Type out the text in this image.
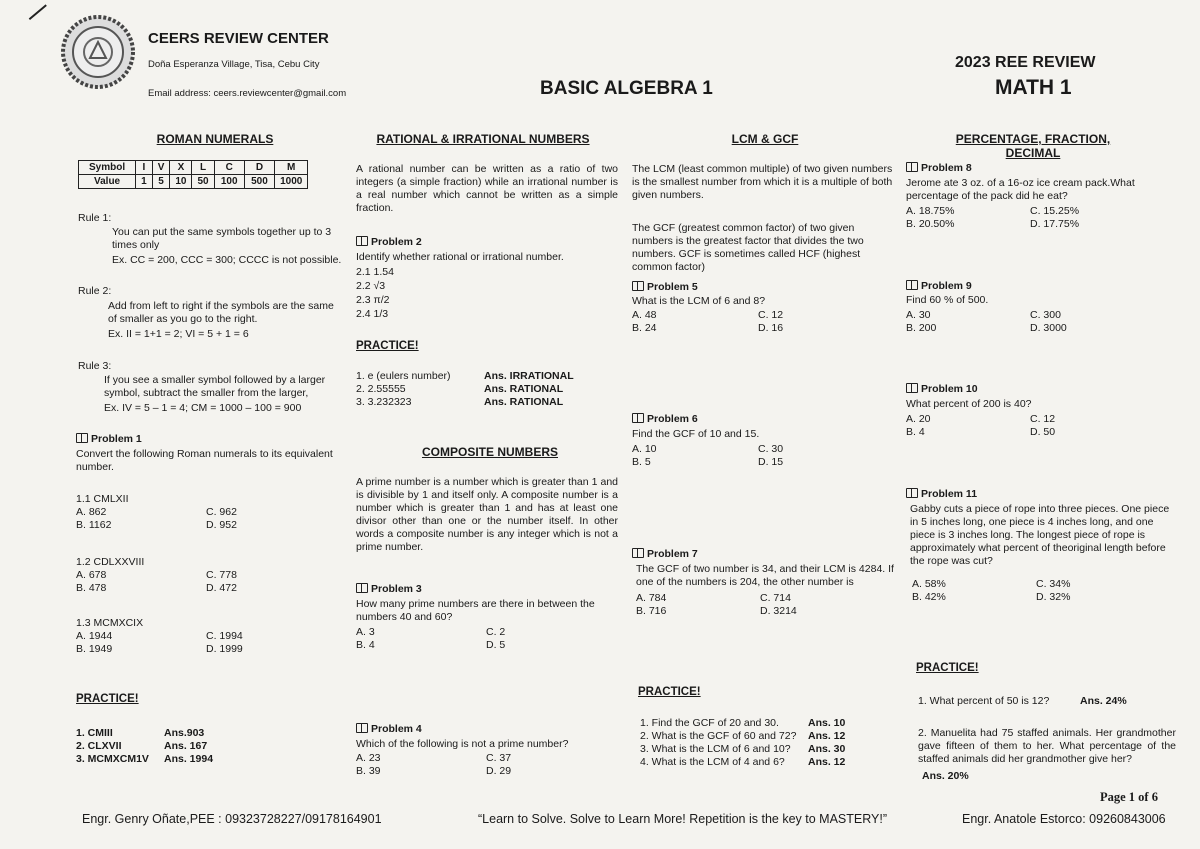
CEERS REVIEW CENTER
Doña Esperanza Village, Tisa, Cebu City
Email address: ceers.reviewcenter@gmail.com	BASIC ALGEBRA 1
2023 REE REVIEW
MATH 1
ROMAN NUMERALS
Symbol	I	V	X	L	C	D	M
Value	1	5	10	50	100	500	1000
Rule 1:
You can put the same symbols together up to 3 times only
Ex. CC = 200, CCC = 300; CCCC is not possible.
Rule 2:
Add from left to right if the symbols are the same of smaller as you go to the right.
Ex. II = 1+1 = 2; VI = 5 + 1 = 6
Rule 3:
If you see a smaller symbol followed by a larger symbol, subtract the smaller from the larger,
Ex. IV = 5 – 1 = 4; CM = 1000 – 100 = 900
Problem 1
Convert the following Roman numerals to its equivalent number.
1.1 CMLXII
A. 862	C. 962
B. 1162	D. 952
1.2 CDLXXVIII
A. 678	C. 778
B. 478	D. 472
1.3 MCMXCIX
A. 1944	C. 1994
B. 1949	D. 1999
PRACTICE!
1. CMIII	Ans.903
2. CLXVII	Ans. 167
3. MCMXCM1V	Ans. 1994
RATIONAL & IRRATIONAL NUMBERS
A rational number can be written as a ratio of two integers (a simple fraction) while an irrational number is a real number which cannot be written as a simple fraction.
Problem 2
Identify whether rational or irrational number.
2.1 1.54
2.2 √3
2.3 π/2
2.4 1/3
PRACTICE!
1. e (eulers number)	Ans. IRRATIONAL
2. 2.55555	Ans. RATIONAL
3. 3.232323	Ans. RATIONAL
COMPOSITE NUMBERS
A prime number is a number which is greater than 1 and is divisible by 1 and itself only. A composite number is a number which is greater than 1 and has at least one divisor other than one or the number itself. In other words a composite number is any integer which is not a prime number.
Problem 3
How many prime numbers are there in between the numbers 40 and 60?
A. 3	C. 2
B. 4	D. 5
Problem 4
Which of the following is not a prime number?
A. 23	C. 37
B. 39	D. 29
LCM & GCF
The LCM (least common multiple) of two given numbers is the smallest number from which it is a multiple of both given numbers.
The GCF (greatest common factor) of two given numbers is the greatest factor that divides the two numbers. GCF is sometimes called HCF (highest common factor)
Problem 5
What is the LCM of 6 and 8?
A. 48	C. 12
B. 24	D. 16
Problem 6
Find the GCF of 10 and 15.
A. 10	C. 30
B. 5	D. 15
Problem 7
The GCF of two number is 34, and their LCM is 4284. If one of the numbers is 204, the other number is
A. 784	C. 714
B. 716	D. 3214
PRACTICE!
1. Find the GCF of 20 and 30.	Ans. 10
2. What is the GCF of 60 and 72?	Ans. 12
3. What is the LCM of 6 and 10?	Ans. 30
4. What is the LCM of 4 and 6?	Ans. 12
PERCENTAGE, FRACTION, DECIMAL
Problem 8
Jerome ate 3 oz. of a 16-oz ice cream pack.What percentage of the pack did he eat?
A. 18.75%	C. 15.25%
B. 20.50%	D. 17.75%
Problem 9
Find 60 % of 500.
A. 30	C. 300
B. 200	D. 3000
Problem 10
What percent of 200 is 40?
A. 20	C. 12
B. 4	D. 50
Problem 11
Gabby cuts a piece of rope into three pieces. One piece in 5 inches long, one piece is 4 inches long, and one piece is 3 inches long. The longest piece of rope is approximately what percent of theoriginal length before the rope was cut?
A. 58%	C. 34%
B. 42%	D. 32%
PRACTICE!
1. What percent of 50 is 12?	Ans. 24%
2. Manuelita had 75 staffed animals. Her grandmother gave fifteen of them to her. What percentage of the staffed animals did her grandmother give her?
Ans. 20%
Page 1 of 6
Engr. Genry Oñate,PEE : 09323728227/09178164901	“Learn to Solve. Solve to Learn More! Repetition is the key to MASTERY!”	Engr. Anatole Estorco: 09260843006
